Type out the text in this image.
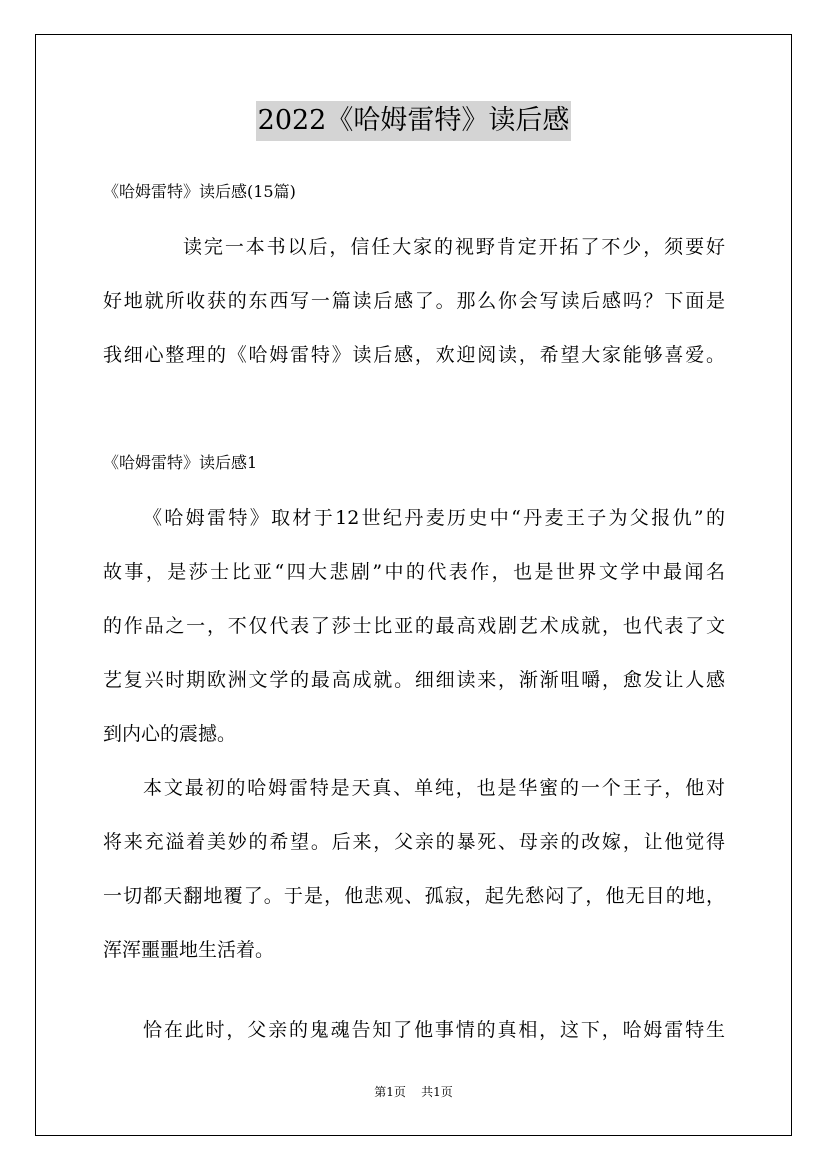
2022《哈姆雷特》读后感
《哈姆雷特》读后感(15篇)
读完一本书以后，信任大家的视野肯定开拓了不少，须要好
好地就所收获的东西写一篇读后感了。那么你会写读后感吗？下面是
我细心整理的《哈姆雷特》读后感，欢迎阅读，希望大家能够喜爱。
《哈姆雷特》读后感1
《哈姆雷特》取材于12世纪丹麦历史中“丹麦王子为父报仇”的
故事，是莎士比亚“四大悲剧”中的代表作，也是世界文学中最闻名
的作品之一，不仅代表了莎士比亚的最高戏剧艺术成就，也代表了文
艺复兴时期欧洲文学的最高成就。细细读来，渐渐咀嚼，愈发让人感
到内心的震撼。
本文最初的哈姆雷特是天真、单纯，也是华蜜的一个王子，他对
将来充溢着美妙的希望。后来，父亲的暴死、母亲的改嫁，让他觉得
一切都天翻地覆了。于是，他悲观、孤寂，起先愁闷了，他无目的地，
浑浑噩噩地生活着。
恰在此时，父亲的鬼魂告知了他事情的真相，这下，哈姆雷特生
第1页 共1页
